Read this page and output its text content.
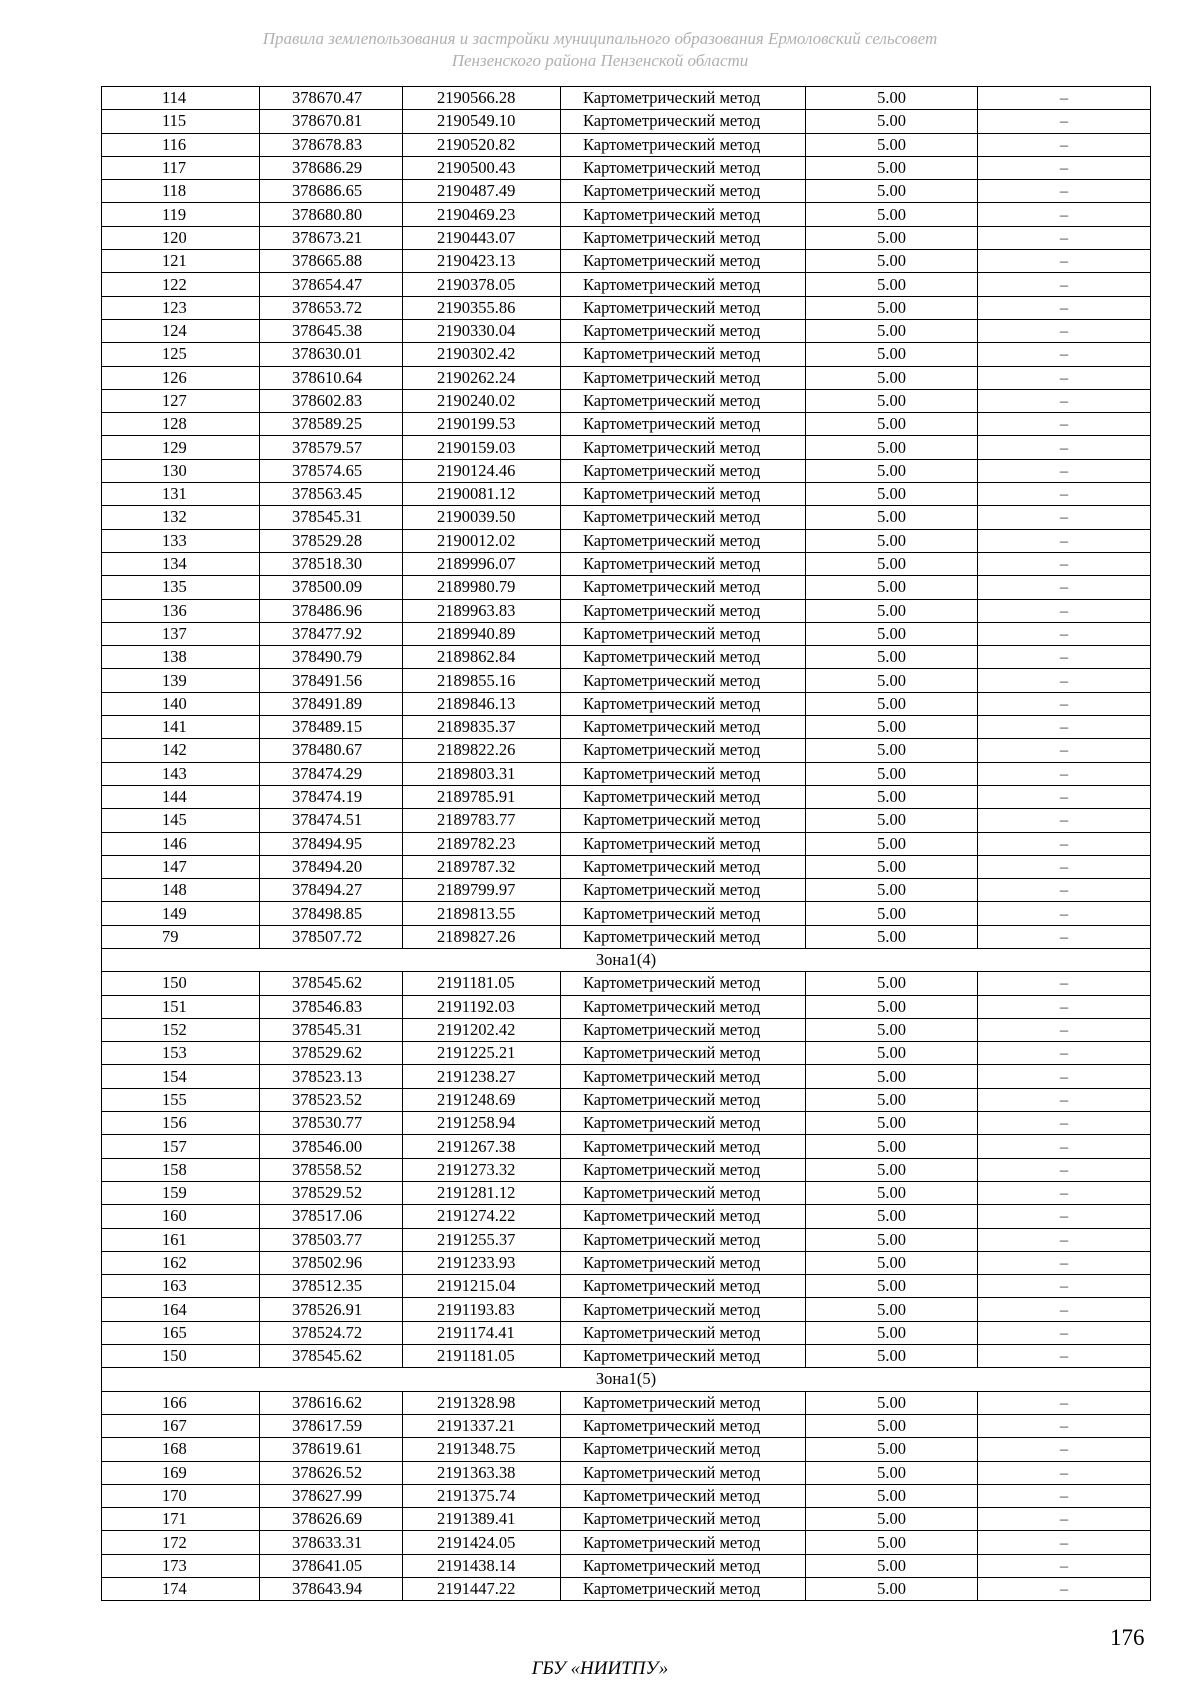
Правила землепользования и застройки муниципального образования Ермоловский сельсовет
Пензенского района Пензенской области
114	378670.47	2190566.28	Картометрический метод	5.00	–
115	378670.81	2190549.10	Картометрический метод	5.00	–
116	378678.83	2190520.82	Картометрический метод	5.00	–
117	378686.29	2190500.43	Картометрический метод	5.00	–
118	378686.65	2190487.49	Картометрический метод	5.00	–
119	378680.80	2190469.23	Картометрический метод	5.00	–
120	378673.21	2190443.07	Картометрический метод	5.00	–
121	378665.88	2190423.13	Картометрический метод	5.00	–
122	378654.47	2190378.05	Картометрический метод	5.00	–
123	378653.72	2190355.86	Картометрический метод	5.00	–
124	378645.38	2190330.04	Картометрический метод	5.00	–
125	378630.01	2190302.42	Картометрический метод	5.00	–
126	378610.64	2190262.24	Картометрический метод	5.00	–
127	378602.83	2190240.02	Картометрический метод	5.00	–
128	378589.25	2190199.53	Картометрический метод	5.00	–
129	378579.57	2190159.03	Картометрический метод	5.00	–
130	378574.65	2190124.46	Картометрический метод	5.00	–
131	378563.45	2190081.12	Картометрический метод	5.00	–
132	378545.31	2190039.50	Картометрический метод	5.00	–
133	378529.28	2190012.02	Картометрический метод	5.00	–
134	378518.30	2189996.07	Картометрический метод	5.00	–
135	378500.09	2189980.79	Картометрический метод	5.00	–
136	378486.96	2189963.83	Картометрический метод	5.00	–
137	378477.92	2189940.89	Картометрический метод	5.00	–
138	378490.79	2189862.84	Картометрический метод	5.00	–
139	378491.56	2189855.16	Картометрический метод	5.00	–
140	378491.89	2189846.13	Картометрический метод	5.00	–
141	378489.15	2189835.37	Картометрический метод	5.00	–
142	378480.67	2189822.26	Картометрический метод	5.00	–
143	378474.29	2189803.31	Картометрический метод	5.00	–
144	378474.19	2189785.91	Картометрический метод	5.00	–
145	378474.51	2189783.77	Картометрический метод	5.00	–
146	378494.95	2189782.23	Картометрический метод	5.00	–
147	378494.20	2189787.32	Картометрический метод	5.00	–
148	378494.27	2189799.97	Картометрический метод	5.00	–
149	378498.85	2189813.55	Картометрический метод	5.00	–
79	378507.72	2189827.26	Картометрический метод	5.00	–
Зона1(4)					
150	378545.62	2191181.05	Картометрический метод	5.00	–
151	378546.83	2191192.03	Картометрический метод	5.00	–
152	378545.31	2191202.42	Картометрический метод	5.00	–
153	378529.62	2191225.21	Картометрический метод	5.00	–
154	378523.13	2191238.27	Картометрический метод	5.00	–
155	378523.52	2191248.69	Картометрический метод	5.00	–
156	378530.77	2191258.94	Картометрический метод	5.00	–
157	378546.00	2191267.38	Картометрический метод	5.00	–
158	378558.52	2191273.32	Картометрический метод	5.00	–
159	378529.52	2191281.12	Картометрический метод	5.00	–
160	378517.06	2191274.22	Картометрический метод	5.00	–
161	378503.77	2191255.37	Картометрический метод	5.00	–
162	378502.96	2191233.93	Картометрический метод	5.00	–
163	378512.35	2191215.04	Картометрический метод	5.00	–
164	378526.91	2191193.83	Картометрический метод	5.00	–
165	378524.72	2191174.41	Картометрический метод	5.00	–
150	378545.62	2191181.05	Картометрический метод	5.00	–
Зона1(5)					
166	378616.62	2191328.98	Картометрический метод	5.00	–
167	378617.59	2191337.21	Картометрический метод	5.00	–
168	378619.61	2191348.75	Картометрический метод	5.00	–
169	378626.52	2191363.38	Картометрический метод	5.00	–
170	378627.99	2191375.74	Картометрический метод	5.00	–
171	378626.69	2191389.41	Картометрический метод	5.00	–
172	378633.31	2191424.05	Картометрический метод	5.00	–
173	378641.05	2191438.14	Картометрический метод	5.00	–
174	378643.94	2191447.22	Картометрический метод	5.00	–
176
ГБУ «НИИТПУ»
